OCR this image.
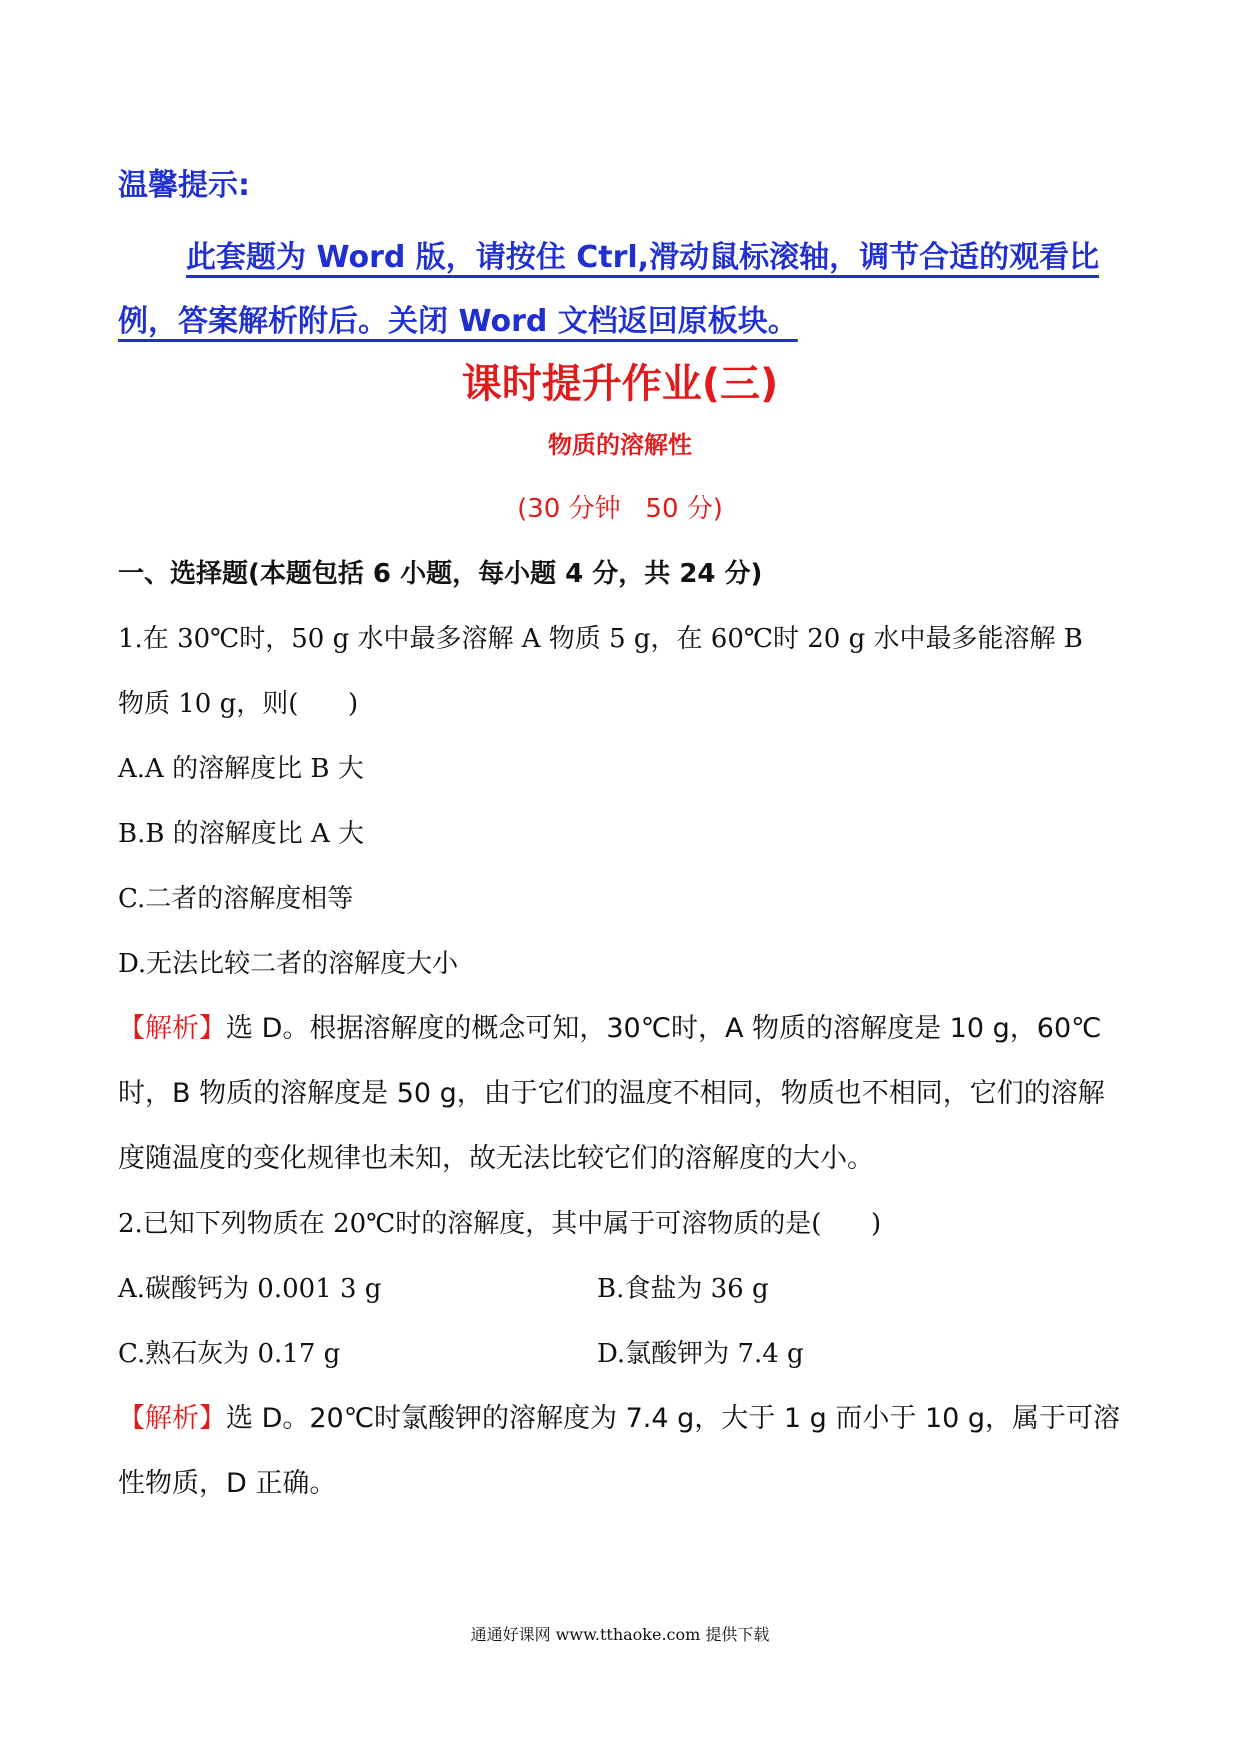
温馨提示:
此套题为 Word 版，请按住 Ctrl,滑动鼠标滚轴，调节合适的观看比例，答案解析附后。关闭 Word 文档返回原板块。
课时提升作业(三)
物质的溶解性
(30 分钟   50 分)
一、选择题(本题包括 6 小题，每小题 4 分，共 24 分)
1.在 30℃时，50 g 水中最多溶解 A 物质 5 g，在 60℃时 20 g 水中最多能溶解 B
物质 10 g，则(      )
A.A 的溶解度比 B 大
B.B 的溶解度比 A 大
C.二者的溶解度相等
D.无法比较二者的溶解度大小
【解析】选 D。根据溶解度的概念可知，30℃时，A 物质的溶解度是 10 g，60℃时，B 物质的溶解度是 50 g，由于它们的温度不相同，物质也不相同，它们的溶解度随温度的变化规律也未知，故无法比较它们的溶解度的大小。
2.已知下列物质在 20℃时的溶解度，其中属于可溶物质的是(      )
A.碳酸钙为 0.001 3 g	B.食盐为 36 g
C.熟石灰为 0.17 g	D.氯酸钾为 7.4 g
【解析】选 D。20℃时氯酸钾的溶解度为 7.4 g，大于 1 g 而小于 10 g，属于可溶性物质，D 正确。
通通好课网 www.tthaoke.com 提供下载
